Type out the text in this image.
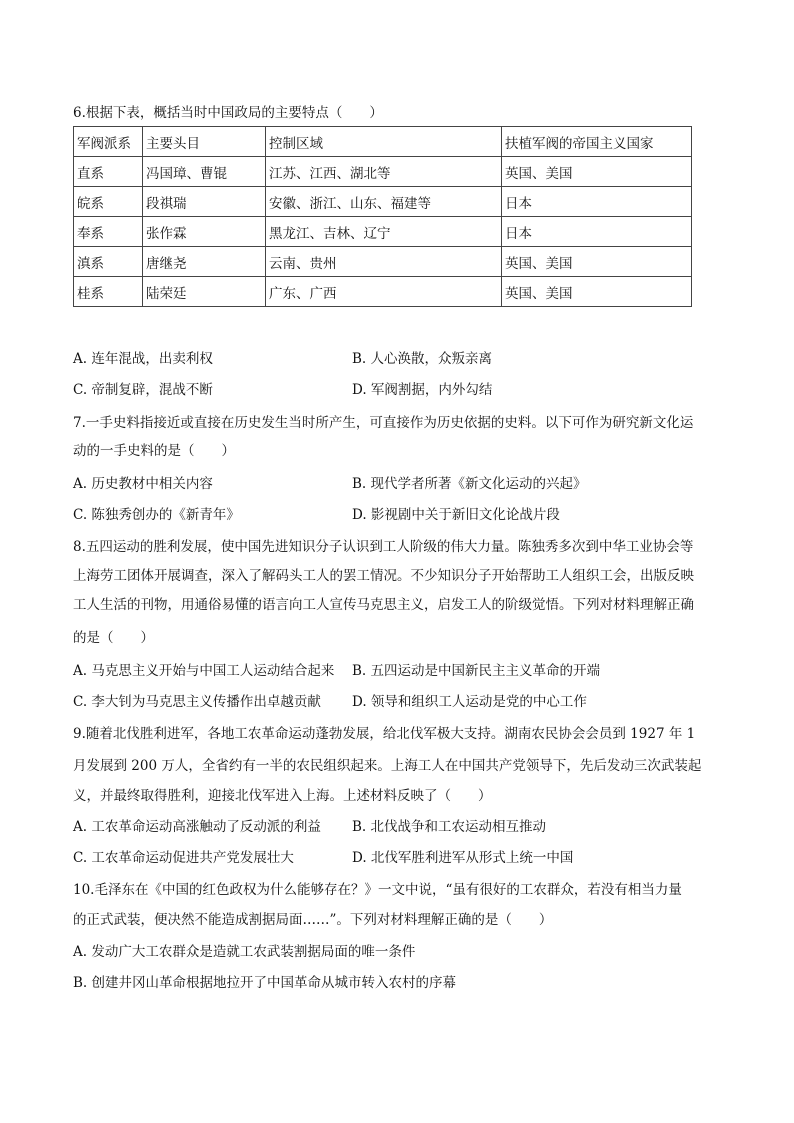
6.根据下表，概括当时中国政局的主要特点（　　）
军阀派系	主要头目	控制区域	扶植军阀的帝国主义国家
直系	冯国璋、曹锟	江苏、江西、湖北等	英国、美国
皖系	段祺瑞	安徽、浙江、山东、福建等	日本
奉系	张作霖	黑龙江、吉林、辽宁	日本
滇系	唐继尧	云南、贵州	英国、美国
桂系	陆荣廷	广东、广西	英国、美国
A. 连年混战，出卖利权	B. 人心涣散，众叛亲离
C. 帝制复辟，混战不断	D. 军阀割据，内外勾结
7.一手史料指接近或直接在历史发生当时所产生，可直接作为历史依据的史料。以下可作为研究新文化运
动的一手史料的是（　　）
A. 历史教材中相关内容	B. 现代学者所著《新文化运动的兴起》
C. 陈独秀创办的《新青年》	D. 影视剧中关于新旧文化论战片段
8.五四运动的胜利发展，使中国先进知识分子认识到工人阶级的伟大力量。陈独秀多次到中华工业协会等
上海劳工团体开展调查，深入了解码头工人的罢工情况。不少知识分子开始帮助工人组织工会，出版反映
工人生活的刊物，用通俗易懂的语言向工人宣传马克思主义，启发工人的阶级觉悟。下列对材料理解正确
的是（　　）
A. 马克思主义开始与中国工人运动结合起来 B. 五四运动是中国新民主主义革命的开端
C. 李大钊为马克思主义传播作出卓越贡献 D. 领导和组织工人运动是党的中心工作
9.随着北伐胜利进军，各地工农革命运动蓬勃发展，给北伐军极大支持。湖南农民协会会员到 1927 年 1
月发展到 200 万人，全省约有一半的农民组织起来。上海工人在中国共产党领导下，先后发动三次武装起
义，并最终取得胜利，迎接北伐军进入上海。上述材料反映了（　　）
A. 工农革命运动高涨触动了反动派的利益 B. 北伐战争和工农运动相互推动
C. 工农革命运动促进共产党发展壮大	D. 北伐军胜利进军从形式上统一中国
10.毛泽东在《中国的红色政权为什么能够存在？》一文中说，“虽有很好的工农群众，若没有相当力量
的正式武装，便决然不能造成割据局面……”。下列对材料理解正确的是（　　）
A. 发动广大工农群众是造就工农武装割据局面的唯一条件
B. 创建井冈山革命根据地拉开了中国革命从城市转入农村的序幕
